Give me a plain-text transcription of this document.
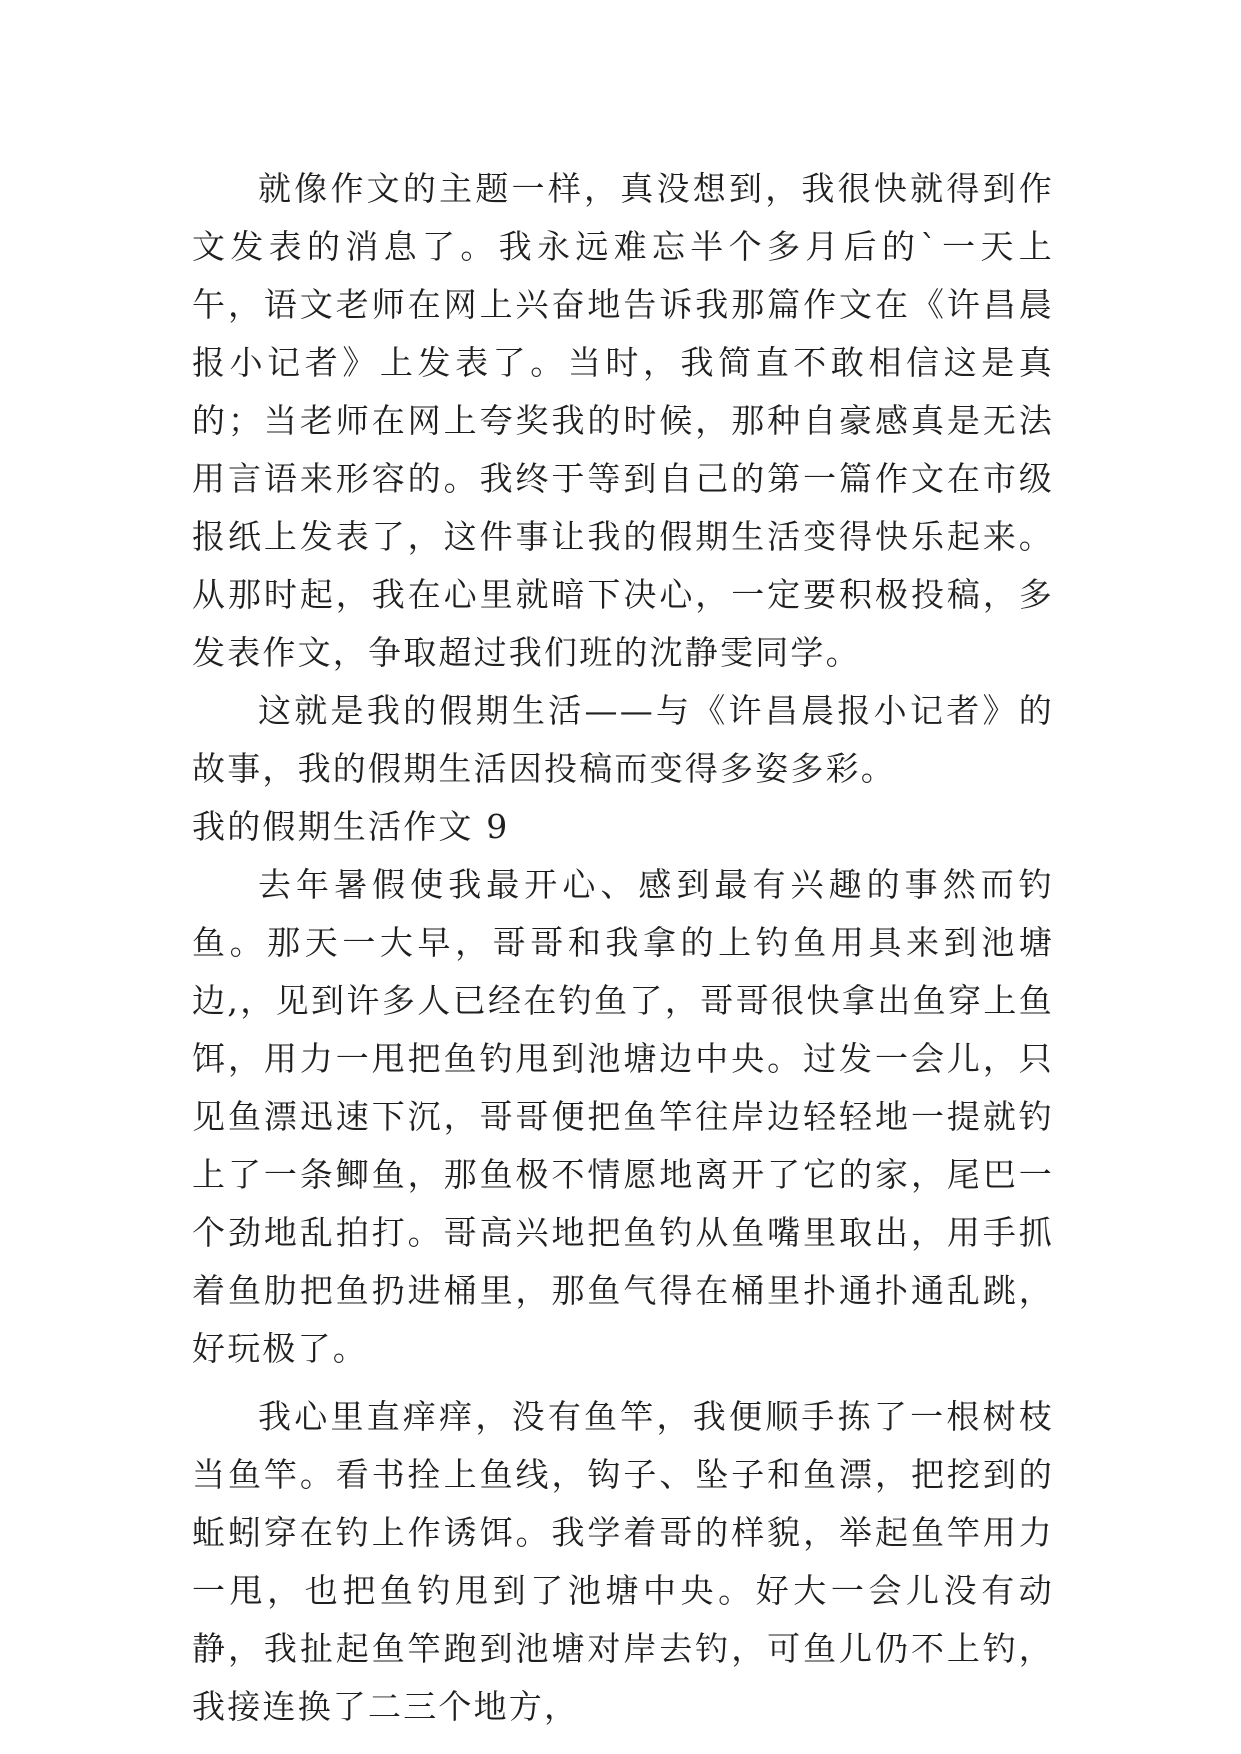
就像作文的主题一样，真没想到，我很快就得到作文发表的消息了。我永远难忘半个多月后的`一天上午，语文老师在网上兴奋地告诉我那篇作文在《许昌晨报小记者》上发表了。当时，我简直不敢相信这是真的；当老师在网上夸奖我的时候，那种自豪感真是无法用言语来形容的。我终于等到自己的第一篇作文在市级报纸上发表了，这件事让我的假期生活变得快乐起来。从那时起，我在心里就暗下决心，一定要积极投稿，多发表作文，争取超过我们班的沈静雯同学。

这就是我的假期生活——与《许昌晨报小记者》的故事，我的假期生活因投稿而变得多姿多彩。

我的假期生活作文 9

去年暑假使我最开心、感到最有兴趣的事然而钓鱼。那天一大早，哥哥和我拿的上钓鱼用具来到池塘边,，见到许多人已经在钓鱼了，哥哥很快拿出鱼穿上鱼饵，用力一甩把鱼钓甩到池塘边中央。过发一会儿，只见鱼漂迅速下沉，哥哥便把鱼竿往岸边轻轻地一提就钓上了一条鲫鱼，那鱼极不情愿地离开了它的家，尾巴一个劲地乱拍打。哥高兴地把鱼钓从鱼嘴里取出，用手抓着鱼肋把鱼扔进桶里，那鱼气得在桶里扑通扑通乱跳，好玩极了。

我心里直痒痒，没有鱼竿，我便顺手拣了一根树枝当鱼竿。看书拴上鱼线，钩子、坠子和鱼漂，把挖到的蚯蚓穿在钓上作诱饵。我学着哥的样貌，举起鱼竿用力一甩，也把鱼钓甩到了池塘中央。好大一会儿没有动静，我扯起鱼竿跑到池塘对岸去钓，可鱼儿仍不上钓，我接连换了二三个地方，
